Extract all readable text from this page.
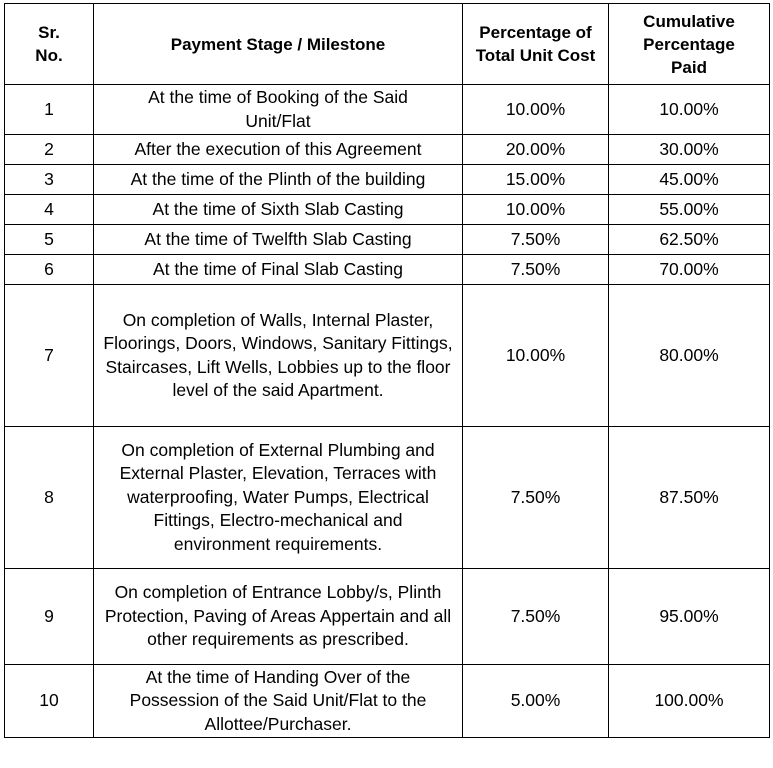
Sr. No.	Payment Stage / Milestone	Percentage of Total Unit Cost	Cumulative Percentage Paid
1	At the time of Booking of the Said Unit/Flat	10.00%	10.00%
2	After the execution of this Agreement	20.00%	30.00%
3	At the time of the Plinth of the building	15.00%	45.00%
4	At the time of Sixth Slab Casting	10.00%	55.00%
5	At the time of Twelfth Slab Casting	7.50%	62.50%
6	At the time of Final Slab Casting	7.50%	70.00%
7	On completion of Walls, Internal Plaster, Floorings, Doors, Windows, Sanitary Fittings, Staircases, Lift Wells, Lobbies up to the floor level of the said Apartment.	10.00%	80.00%
8	On completion of External Plumbing and External Plaster, Elevation, Terraces with waterproofing, Water Pumps, Electrical Fittings, Electro-mechanical and environment requirements.	7.50%	87.50%
9	On completion of Entrance Lobby/s, Plinth Protection, Paving of Areas Appertain and all other requirements as prescribed.	7.50%	95.00%
10	At the time of Handing Over of the Possession of the Said Unit/Flat to the Allottee/Purchaser.	5.00%	100.00%
